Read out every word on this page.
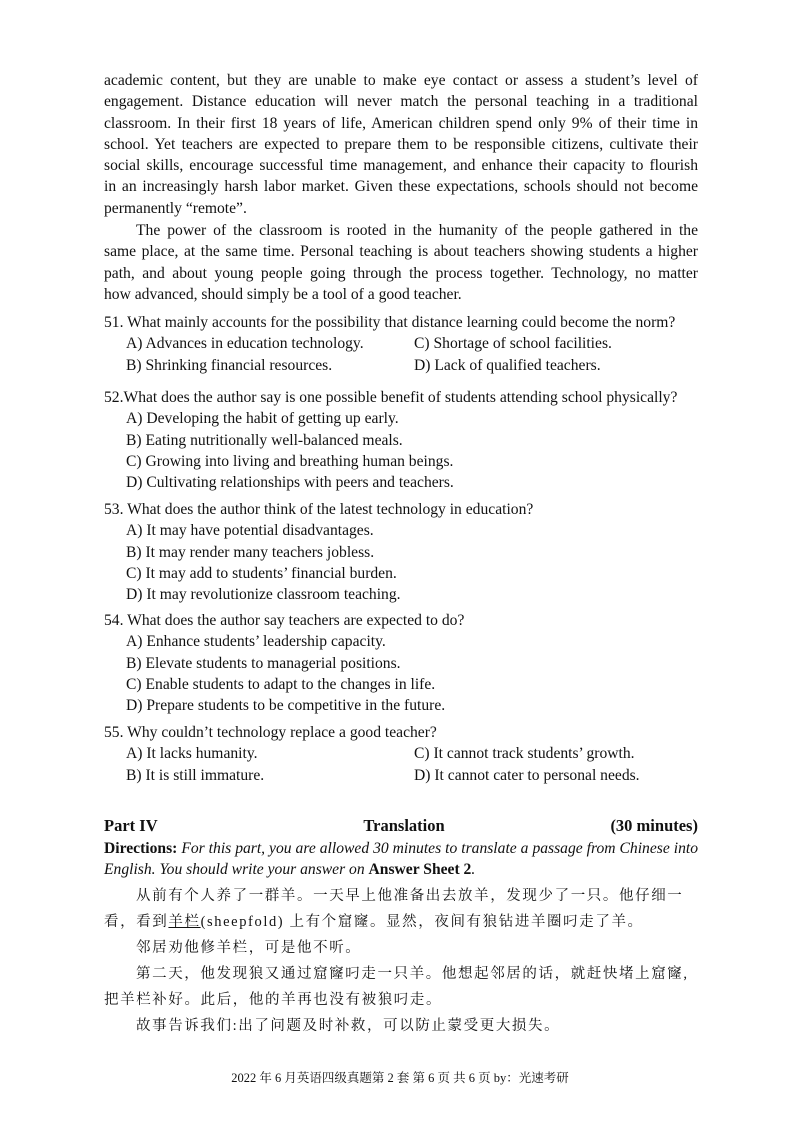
academic content, but they are unable to make eye contact or assess a student’s level of
engagement. Distance education will never match the personal teaching in a traditional
classroom. In their first 18 years of life, American children spend only 9% of their time in
school. Yet teachers are expected to prepare them to be responsible citizens, cultivate their
social skills, encourage successful time management, and enhance their capacity to flourish
in an increasingly harsh labor market. Given these expectations, schools should not become
permanently “remote”.
The power of the classroom is rooted in the humanity of the people gathered in the
same place, at the same time. Personal teaching is about teachers showing students a higher
path, and about young people going through the process together. Technology, no matter
how advanced, should simply be a tool of a good teacher.
51. What mainly accounts for the possibility that distance learning could become the norm?
A) Advances in education technology.	C) Shortage of school facilities.
B) Shrinking financial resources.	D) Lack of qualified teachers.
52.What does the author say is one possible benefit of students attending school physically?
A) Developing the habit of getting up early.
B) Eating nutritionally well-balanced meals.
C) Growing into living and breathing human beings.
D) Cultivating relationships with peers and teachers.
53. What does the author think of the latest technology in education?
A) It may have potential disadvantages.
B) It may render many teachers jobless.
C) It may add to students’ financial burden.
D) It may revolutionize classroom teaching.
54. What does the author say teachers are expected to do?
A) Enhance students’ leadership capacity.
B) Elevate students to managerial positions.
C) Enable students to adapt to the changes in life.
D) Prepare students to be competitive in the future.
55. Why couldn’t technology replace a good teacher?
A) It lacks humanity.	C) It cannot track students’ growth.
B) It is still immature.	D) It cannot cater to personal needs.
Part IV	Translation	(30 minutes)
Directions: For this part, you are allowed 30 minutes to translate a passage from Chinese into English. You should write your answer on Answer Sheet 2.
从前有个人养了一群羊。一天早上他准备出去放羊，发现少了一只。他仔细一看，看到羊栏(sheepfold) 上有个窟窿。显然，夜间有狼钻进羊圈叼走了羊。
邻居劝他修羊栏，可是他不听。
第二天，他发现狼又通过窟窿叼走一只羊。他想起邻居的话，就赶快堵上窟窿,把羊栏补好。此后，他的羊再也没有被狼叼走。
故事告诉我们:出了问题及时补救，可以防止蒙受更大损失。
2022 年 6 月英语四级真题第 2 套 第 6 页 共 6 页 by：光速考研
